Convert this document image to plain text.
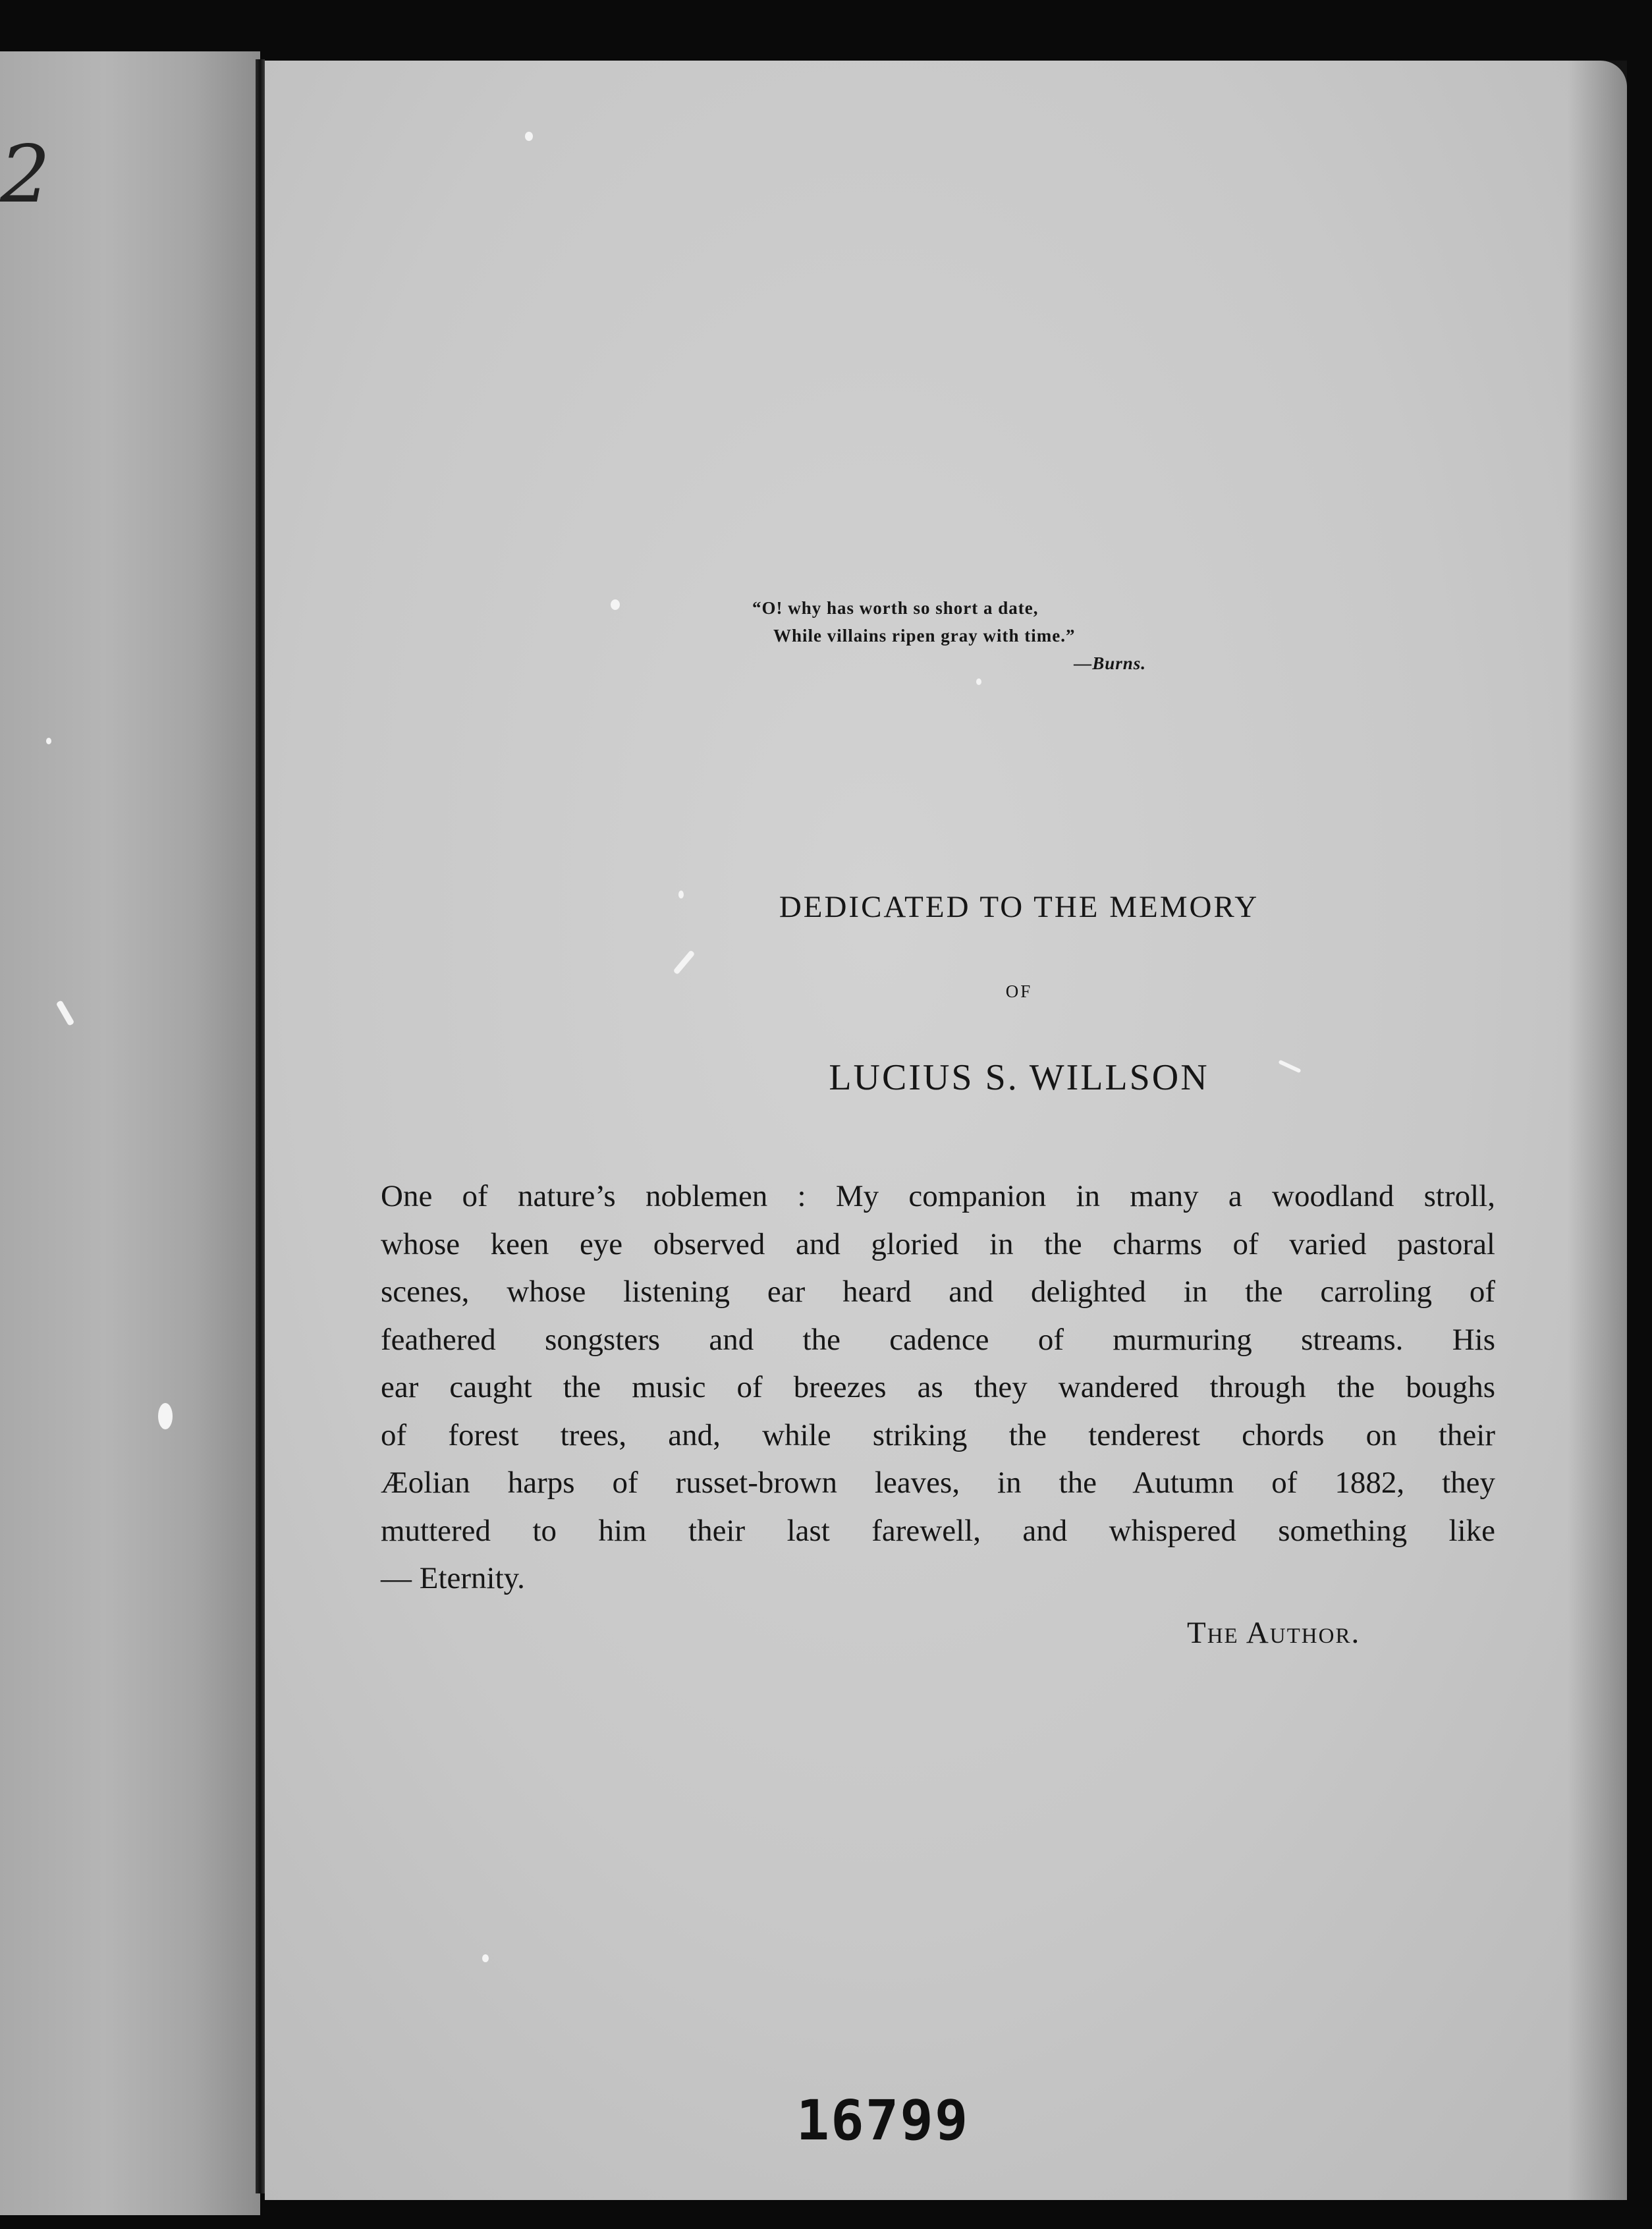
2
“O! why has worth so short a date,
While villains ripen gray with time.”
—Burns.
DEDICATED TO THE MEMORY
OF
LUCIUS S. WILLSON
One of nature’s noblemen : My companion in many a woodland stroll,
whose keen eye observed and gloried in the charms of varied pastoral
scenes, whose listening ear heard and delighted in the carroling of
feathered songsters and the cadence of murmuring streams. His
ear caught the music of breezes as they wandered through the boughs
of forest trees, and, while striking the tenderest chords on their
Æolian harps of russet-brown leaves, in the Autumn of 1882, they
muttered to him their last farewell, and whispered something like
— Eternity.
The Author.
16799
